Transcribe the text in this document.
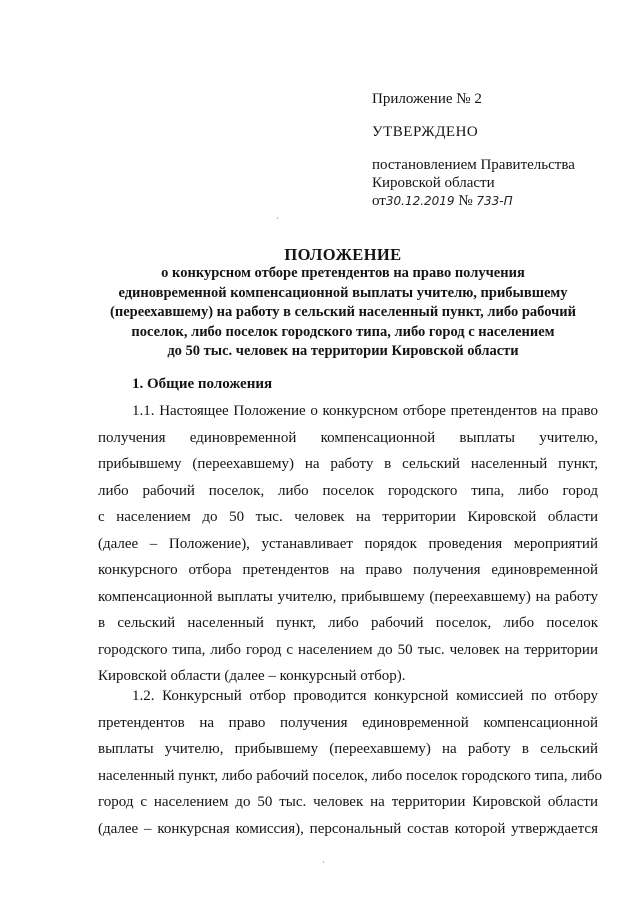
Приложение № 2
УТВЕРЖДЕНО
постановлением Правительства
Кировской области
от30.12.2019 № 733-П
·
ПОЛОЖЕНИЕ
о конкурсном отборе претендентов на право получения
единовременной компенсационной выплаты учителю, прибывшему
(переехавшему) на работу в сельский населенный пункт, либо рабочий
поселок, либо поселок городского типа, либо город с населением
до 50 тыс. человек на территории Кировской области
1. Общие положения
1.1. Настоящее Положение о конкурсном отборе претендентов на право
получения единовременной компенсационной выплаты учителю,
прибывшему (переехавшему) на работу в сельский населенный пункт,
либо рабочий поселок, либо поселок городского типа, либо город
с населением до 50 тыс. человек на территории Кировской области
(далее – Положение), устанавливает порядок проведения мероприятий
конкурсного отбора претендентов на право получения единовременной
компенсационной выплаты учителю, прибывшему (переехавшему) на работу
в сельский населенный пункт, либо рабочий поселок, либо поселок
городского типа, либо город с населением до 50 тыс. человек на территории
Кировской области (далее – конкурсный отбор).
1.2. Конкурсный отбор проводится конкурсной комиссией по отбору
претендентов на право получения единовременной компенсационной
выплаты учителю, прибывшему (переехавшему) на работу в сельский
населенный пункт, либо рабочий поселок, либо поселок городского типа, либо
город с населением до 50 тыс. человек на территории Кировской области
(далее – конкурсная комиссия), персональный состав которой утверждается
·
